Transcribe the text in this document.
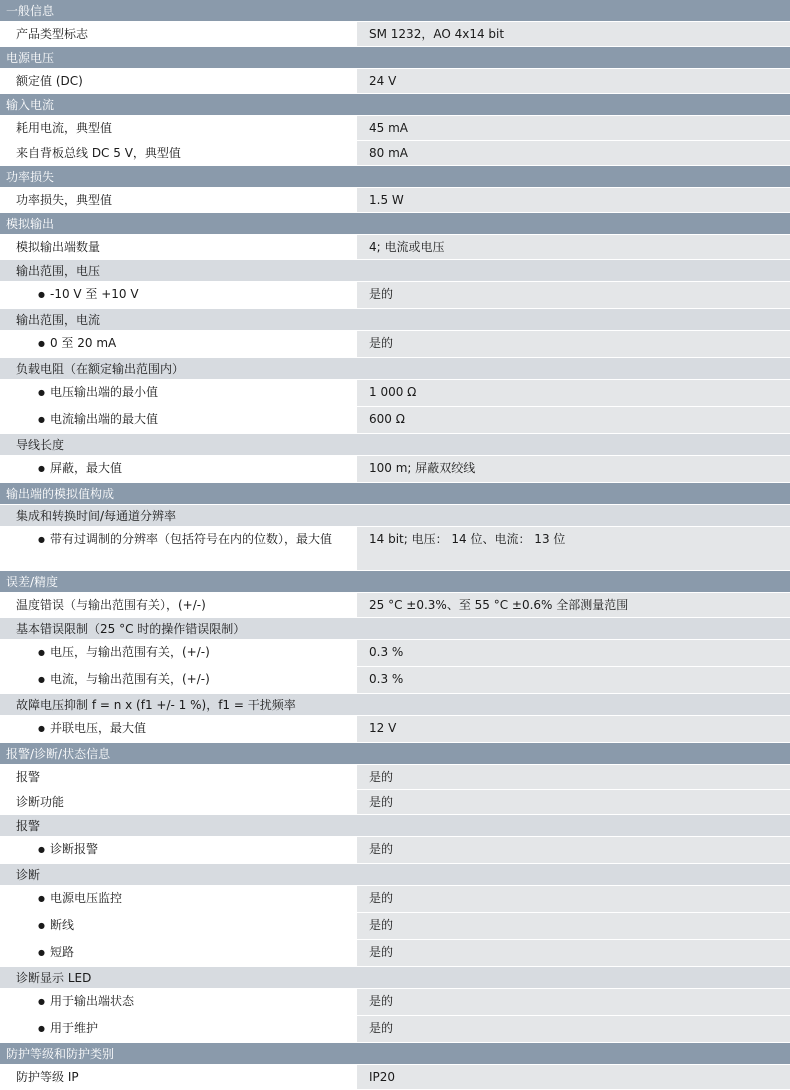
一般信息
产品类型标志	SM 1232，AO 4x14 bit
电源电压
额定值 (DC)	24 V
输入电流
耗用电流，典型值	45 mA
来自背板总线 DC 5 V，典型值	80 mA
功率损失
功率损失，典型值	1.5 W
模拟输出
模拟输出端数量	4; 电流或电压
输出范围，电压
● -10 V 至 +10 V	是的
输出范围，电流
● 0 至 20 mA	是的
负载电阻（在额定输出范围内）
● 电压输出端的最小值	1 000 Ω
● 电流输出端的最大值	600 Ω
导线长度
● 屏蔽，最大值	100 m; 屏蔽双绞线
输出端的模拟值构成
集成和转换时间/每通道分辨率
● 带有过调制的分辨率（包括符号在内的位数），最大值	14 bit; 电压： 14 位、电流： 13 位
误差/精度
温度错误（与输出范围有关），(+/-)	25 °C ±0.3%、至 55 °C ±0.6% 全部测量范围
基本错误限制（25 °C 时的操作错误限制）
● 电压，与输出范围有关，(+/-)	0.3 %
● 电流，与输出范围有关，(+/-)	0.3 %
故障电压抑制 f = n x (f1 +/- 1 %)，f1 = 干扰频率
● 并联电压，最大值	12 V
报警/诊断/状态信息
报警	是的
诊断功能	是的
报警
● 诊断报警	是的
诊断
● 电源电压监控	是的
● 断线	是的
● 短路	是的
诊断显示 LED
● 用于输出端状态	是的
● 用于维护	是的
防护等级和防护类别
防护等级 IP	IP20
